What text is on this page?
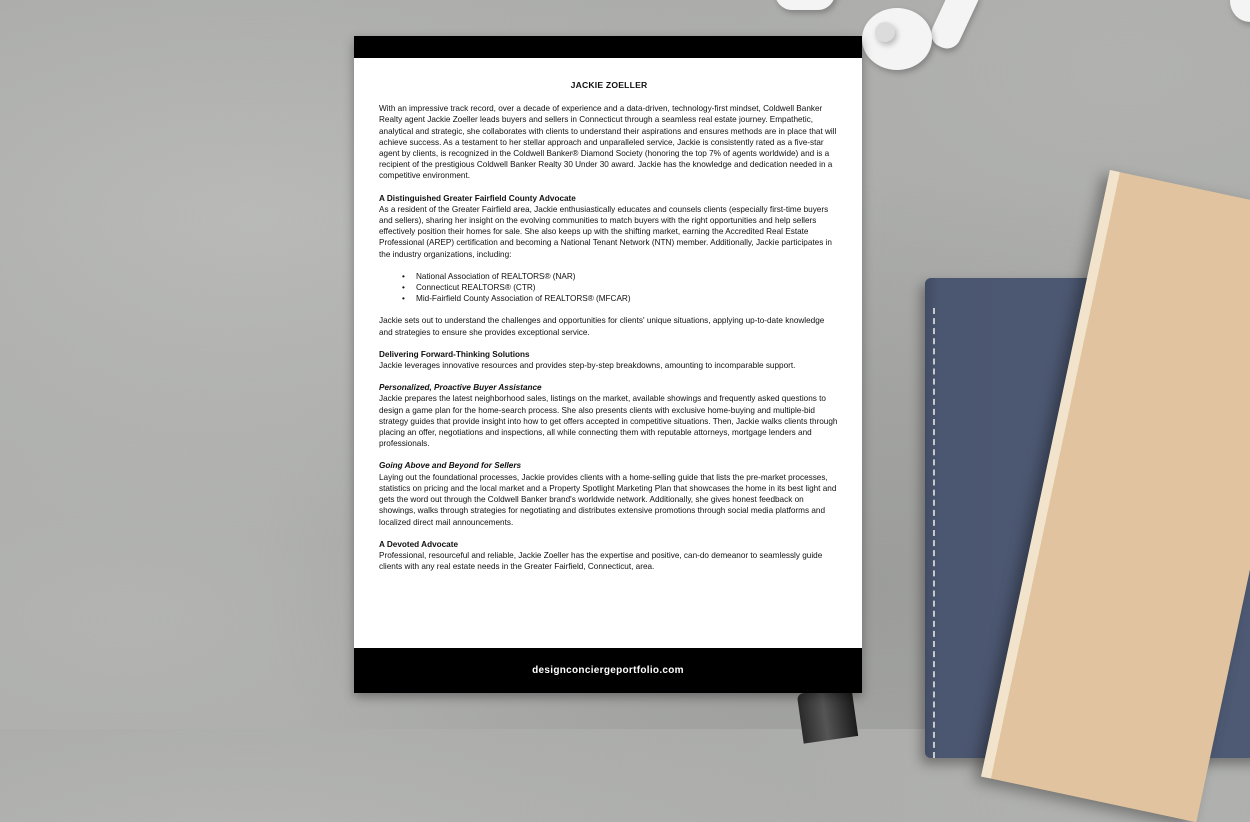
JACKIE ZOELLER

With an impressive track record, over a decade of experience and a data-driven, technology-first mindset, Coldwell Banker Realty agent Jackie Zoeller leads buyers and sellers in Connecticut through a seamless real estate journey. Empathetic, analytical and strategic, she collaborates with clients to understand their aspirations and ensures methods are in place that will achieve success. As a testament to her stellar approach and unparalleled service, Jackie is consistently rated as a five-star agent by clients, is recognized in the Coldwell Banker® Diamond Society (honoring the top 7% of agents worldwide) and is a recipient of the prestigious Coldwell Banker Realty 30 Under 30 award. Jackie has the knowledge and dedication needed in a competitive environment.

A Distinguished Greater Fairfield County Advocate
As a resident of the Greater Fairfield area, Jackie enthusiastically educates and counsels clients (especially first-time buyers and sellers), sharing her insight on the evolving communities to match buyers with the right opportunities and help sellers effectively position their homes for sale. She also keeps up with the shifting market, earning the Accredited Real Estate Professional (AREP) certification and becoming a National Tenant Network (NTN) member. Additionally, Jackie participates in the industry organizations, including:

• National Association of REALTORS® (NAR)
• Connecticut REALTORS® (CTR)
• Mid-Fairfield County Association of REALTORS® (MFCAR)

Jackie sets out to understand the challenges and opportunities for clients' unique situations, applying up-to-date knowledge and strategies to ensure she provides exceptional service.

Delivering Forward-Thinking Solutions
Jackie leverages innovative resources and provides step-by-step breakdowns, amounting to incomparable support.

Personalized, Proactive Buyer Assistance
Jackie prepares the latest neighborhood sales, listings on the market, available showings and frequently asked questions to design a game plan for the home-search process. She also presents clients with exclusive home-buying and multiple-bid strategy guides that provide insight into how to get offers accepted in competitive situations. Then, Jackie walks clients through placing an offer, negotiations and inspections, all while connecting them with reputable attorneys, mortgage lenders and professionals.

Going Above and Beyond for Sellers
Laying out the foundational processes, Jackie provides clients with a home-selling guide that lists the pre-market processes, statistics on pricing and the local market and a Property Spotlight Marketing Plan that showcases the home in its best light and gets the word out through the Coldwell Banker brand's worldwide network. Additionally, she gives honest feedback on showings, walks through strategies for negotiating and distributes extensive promotions through social media platforms and localized direct mail announcements.

A Devoted Advocate
Professional, resourceful and reliable, Jackie Zoeller has the expertise and positive, can-do demeanor to seamlessly guide clients with any real estate needs in the Greater Fairfield, Connecticut, area.

designconciergeportfolio.com
